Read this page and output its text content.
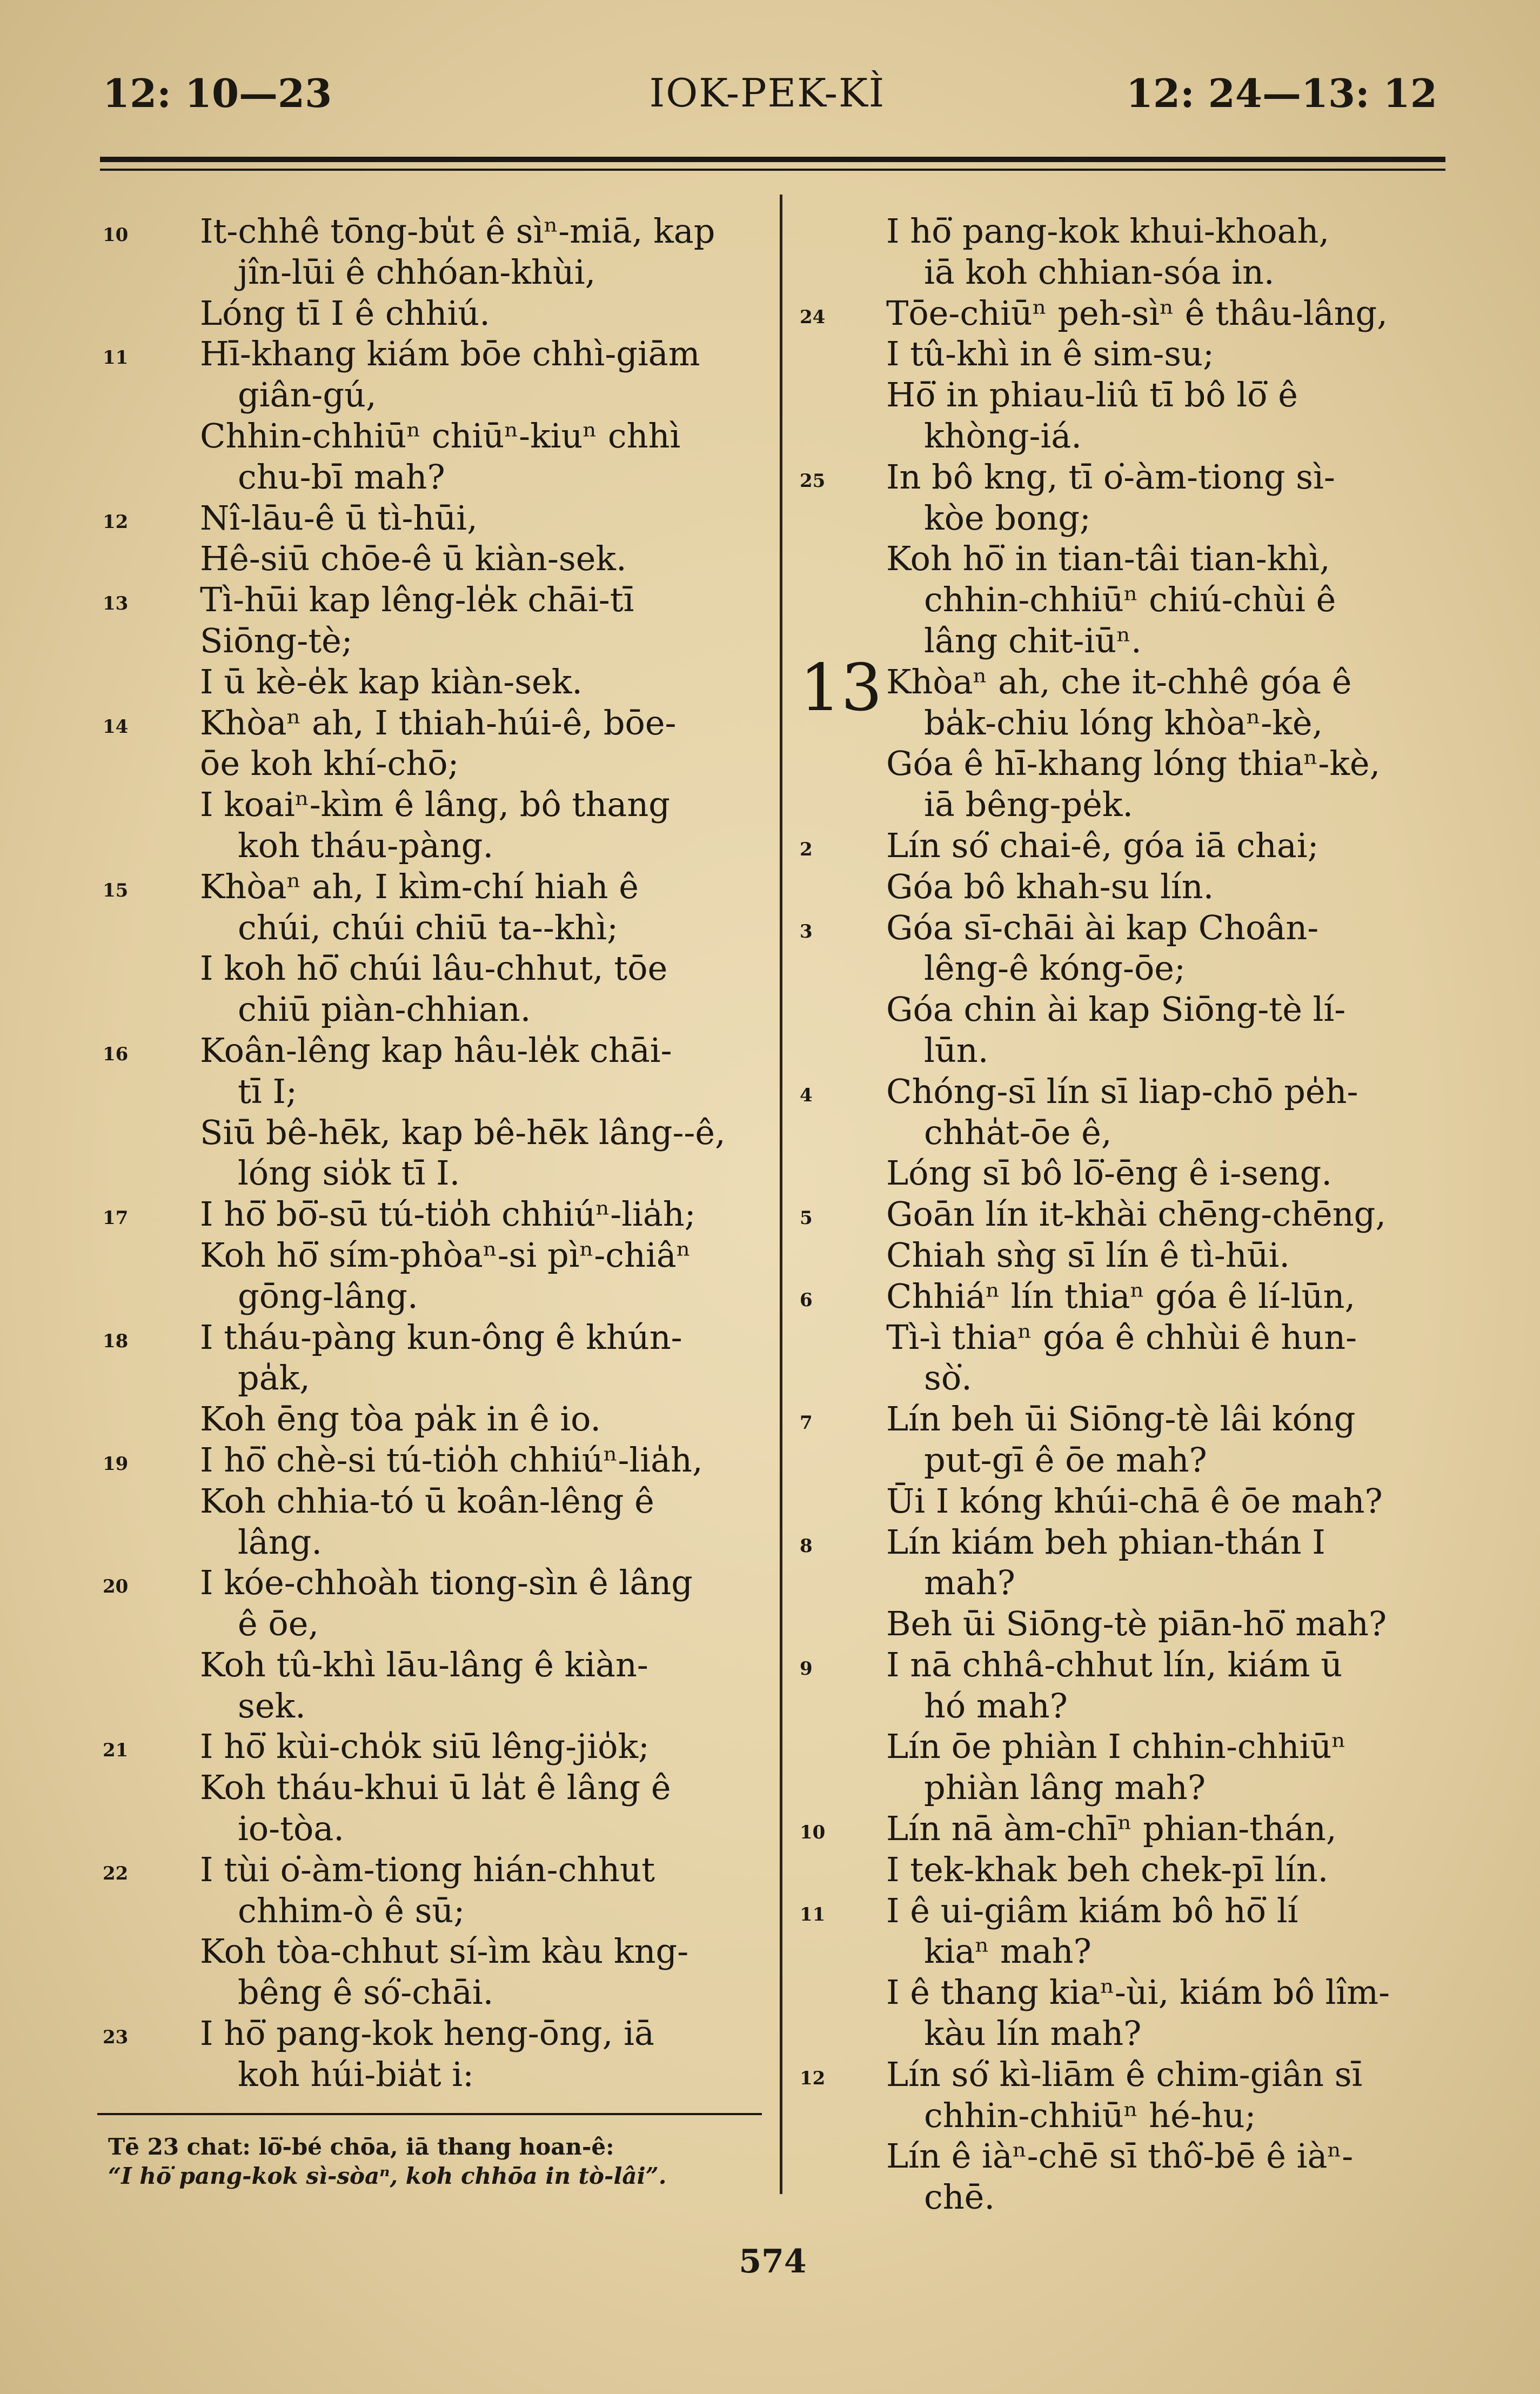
12: 10—23	IOK-PEK-KÌ	12: 24—13: 12
10	It-chhê tōng-bu̍t ê sìⁿ-miā, kap
jîn-lūi ê chhóan-khùi,
Lóng tī I ê chhiú.
11	Hī-khang kiám bōe chhì-giām
giân-gú,
Chhin-chhiūⁿ chiūⁿ-kiuⁿ chhì
chu-bī mah?
12	Nî-lāu-ê ū tì-hūi,
Hê-siū chōe-ê ū kiàn-sek.
13	Tì-hūi kap lêng-le̍k chāi-tī
Siōng-tè;
I ū kè-e̍k kap kiàn-sek.
14	Khòaⁿ ah, I thiah-húi-ê, bōe-
ōe koh khí-chō;
I koaiⁿ-kìm ê lâng, bô thang
koh tháu-pàng.
15	Khòaⁿ ah, I kìm-chí hiah ê
chúi, chúi chiū ta--khì;
I koh hō͘ chúi lâu-chhut, tōe
chiū piàn-chhian.
16	Koân-lêng kap hâu-le̍k chāi-
tī I;
Siū bê-hēk, kap bê-hēk lâng--ê,
lóng sio̍k tī I.
17	I hō͘ bō͘-sū tú-tio̍h chhiúⁿ-lia̍h;
Koh hō͘ sím-phòaⁿ-si pìⁿ-chiâⁿ
gōng-lâng.
18	I tháu-pàng kun-ông ê khún-
pa̍k,
Koh ēng tòa pa̍k in ê io.
19	I hō͘ chè-si tú-tio̍h chhiúⁿ-lia̍h,
Koh chhia-tó ū koân-lêng ê
lâng.
20	I kóe-chhoàh tiong-sìn ê lâng
ê ōe,
Koh tû-khì lāu-lâng ê kiàn-
sek.
21	I hō͘ kùi-cho̍k siū lêng-jio̍k;
Koh tháu-khui ū la̍t ê lâng ê
io-tòa.
22	I tùi o͘-àm-tiong hián-chhut
chhim-ò ê sū;
Koh tòa-chhut sí-ìm kàu kng-
bêng ê só͘-chāi.
23	I hō͘ pang-kok heng-ōng, iā
koh húi-bia̍t i:
I hō͘ pang-kok khui-khoah,
iā koh chhian-sóa in.
24	Tōe-chiūⁿ peh-sìⁿ ê thâu-lâng,
I tû-khì in ê sim-su;
Hō͘ in phiau-liû tī bô lō͘ ê
khòng-iá.
25	In bô kng, tī o͘-àm-tiong sì-
kòe bong;
Koh hō͘ in tian-tâi tian-khì,
chhin-chhiūⁿ chiú-chùi ê
lâng chit-iūⁿ.
13 Khòaⁿ ah, che it-chhê góa ê
ba̍k-chiu lóng khòaⁿ-kè,
Góa ê hī-khang lóng thiaⁿ-kè,
iā bêng-pe̍k.
2	Lín só͘ chai-ê, góa iā chai;
Góa bô khah-su lín.
3	Góa sī-chāi ài kap Choân-
lêng-ê kóng-ōe;
Góa chin ài kap Siōng-tè lí-
lūn.
4	Chóng-sī lín sī liap-chō pe̍h-
chha̍t-ōe ê,
Lóng sī bô lō͘-ēng ê i-seng.
5	Goān lín it-khài chēng-chēng,
Chiah sǹg sī lín ê tì-hūi.
6	Chhiáⁿ lín thiaⁿ góa ê lí-lūn,
Tì-ì thiaⁿ góa ê chhùi ê hun-
sò͘.
7	Lín beh ūi Siōng-tè lâi kóng
put-gī ê ōe mah?
Ūi I kóng khúi-chā ê ōe mah?
8	Lín kiám beh phian-thán I
mah?
Beh ūi Siōng-tè piān-hō͘ mah?
9	I nā chhâ-chhut lín, kiám ū
hó mah?
Lín ōe phiàn I chhin-chhiūⁿ
phiàn lâng mah?
10	Lín nā àm-chīⁿ phian-thán,
I tek-khak beh chek-pī lín.
11	I ê ui-giâm kiám bô hō͘ lí
kiaⁿ mah?
I ê thang kiaⁿ-ùi, kiám bô lîm-
kàu lín mah?
12	Lín só͘ kì-liām ê chim-giân sī
chhin-chhiūⁿ hé-hu;
Lín ê iàⁿ-chē sī thô͘-bē ê iàⁿ-
chē.
Tē 23 chat: lō͘-bé chōa, iā thang hoan-ê:
“I hō͘ pang-kok sì-sòaⁿ, koh chhōa in tò-lâi”.
574
